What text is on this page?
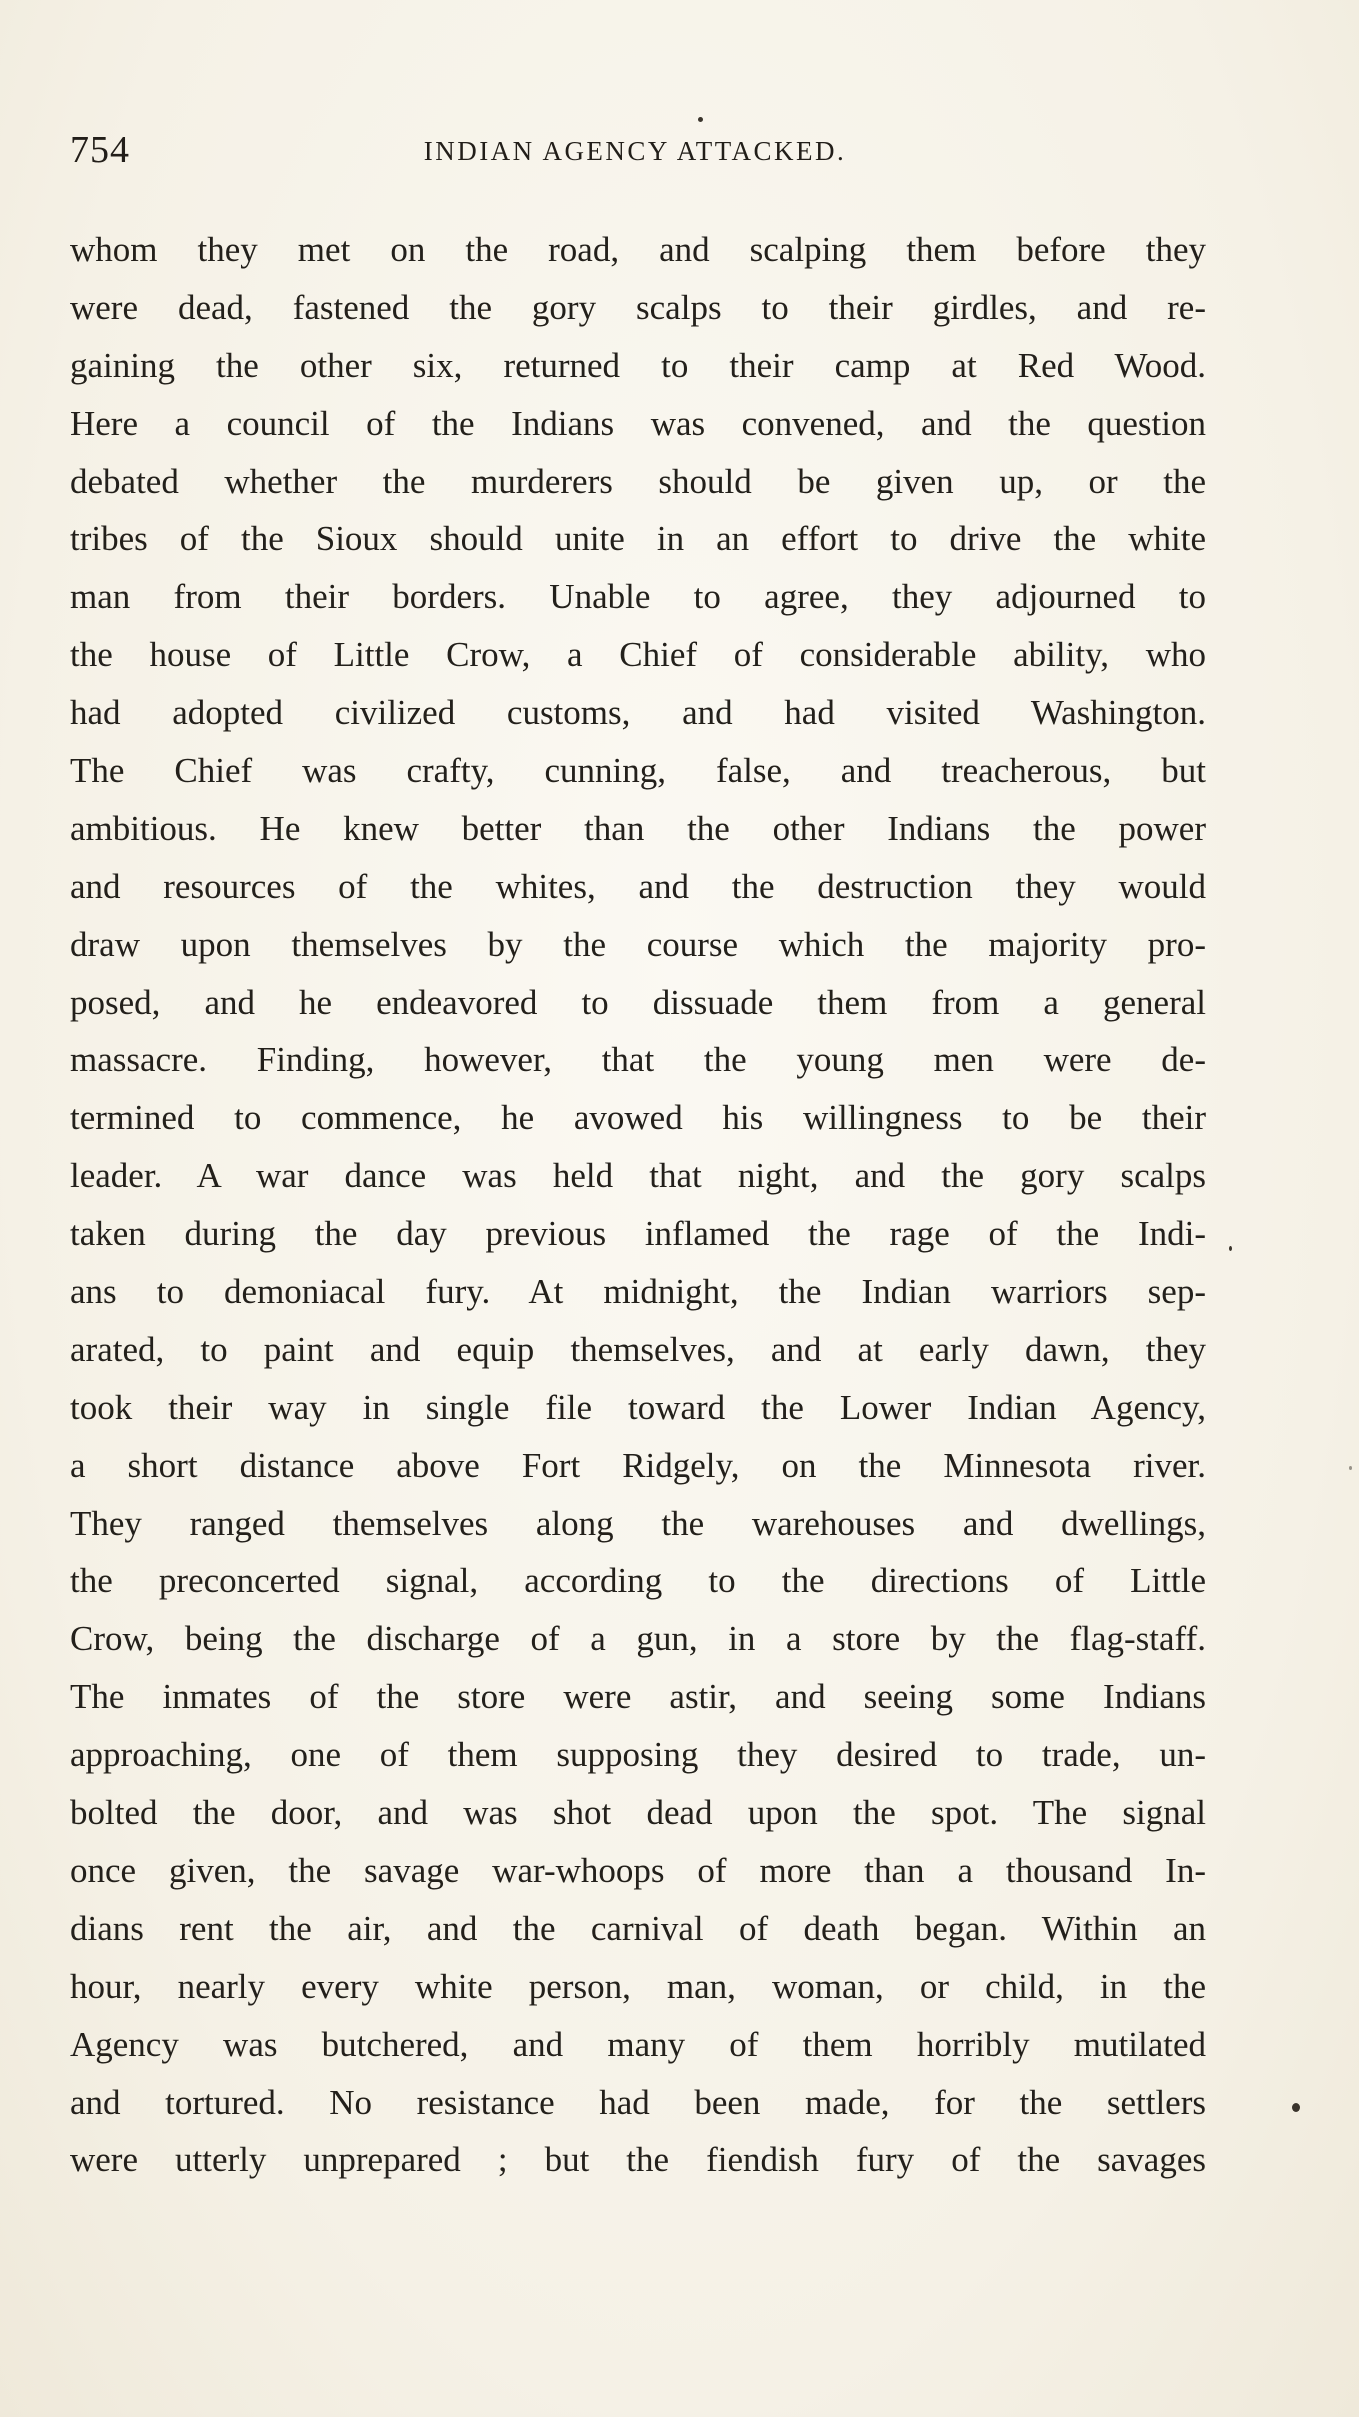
754	INDIAN AGENCY ATTACKED.
whom they met on the road, and scalping them before they
were dead, fastened the gory scalps to their girdles, and re-
gaining the other six, returned to their camp at Red Wood.
Here a council of the Indians was convened, and the question
debated whether the murderers should be given up, or the
tribes of the Sioux should unite in an effort to drive the white
man from their borders. Unable to agree, they adjourned to
the house of Little Crow, a Chief of considerable ability, who
had adopted civilized customs, and had visited Washington.
The Chief was crafty, cunning, false, and treacherous, but
ambitious. He knew better than the other Indians the power
and resources of the whites, and the destruction they would
draw upon themselves by the course which the majority pro-
posed, and he endeavored to dissuade them from a general
massacre. Finding, however, that the young men were de-
termined to commence, he avowed his willingness to be their
leader. A war dance was held that night, and the gory scalps
taken during the day previous inflamed the rage of the Indi-
ans to demoniacal fury. At midnight, the Indian warriors sep-
arated, to paint and equip themselves, and at early dawn, they
took their way in single file toward the Lower Indian Agency,
a short distance above Fort Ridgely, on the Minnesota river.
They ranged themselves along the warehouses and dwellings,
the preconcerted signal, according to the directions of Little
Crow, being the discharge of a gun, in a store by the flag-staff.
The inmates of the store were astir, and seeing some Indians
approaching, one of them supposing they desired to trade, un-
bolted the door, and was shot dead upon the spot. The signal
once given, the savage war-whoops of more than a thousand In-
dians rent the air, and the carnival of death began. Within an
hour, nearly every white person, man, woman, or child, in the
Agency was butchered, and many of them horribly mutilated
and tortured. No resistance had been made, for the settlers
were utterly unprepared ; but the fiendish fury of the savages
